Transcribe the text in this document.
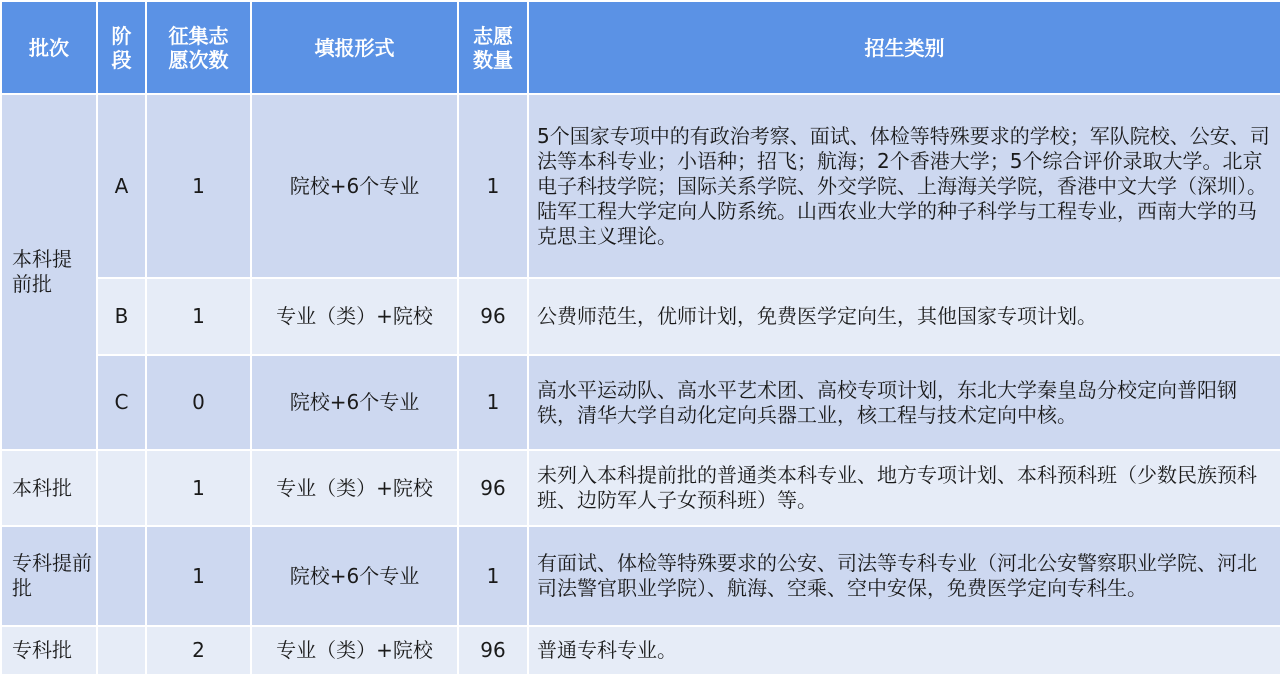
批次	阶段	征集志愿次数	填报形式	志愿数量	招生类别
本科提前批	A	1	院校+6个专业	1	5个国家专项中的有政治考察、面试、体检等特殊要求的学校；军队院校、公安、司法等本科专业；小语种；招飞；航海；2个香港大学；5个综合评价录取大学。北京电子科技学院；国际关系学院、外交学院、上海海关学院，香港中文大学（深圳）。陆军工程大学定向人防系统。山西农业大学的种子科学与工程专业，西南大学的马克思主义理论。
	B	1	专业（类）+院校	96	公费师范生，优师计划，免费医学定向生，其他国家专项计划。
	C	0	院校+6个专业	1	高水平运动队、高水平艺术团、高校专项计划，东北大学秦皇岛分校定向普阳钢铁，清华大学自动化定向兵器工业，核工程与技术定向中核。
本科批		1	专业（类）+院校	96	未列入本科提前批的普通类本科专业、地方专项计划、本科预科班（少数民族预科班、边防军人子女预科班）等。
专科提前批		1	院校+6个专业	1	有面试、体检等特殊要求的公安、司法等专科专业（河北公安警察职业学院、河北司法警官职业学院）、航海、空乘、空中安保，免费医学定向专科生。
专科批		2	专业（类）+院校	96	普通专科专业。
